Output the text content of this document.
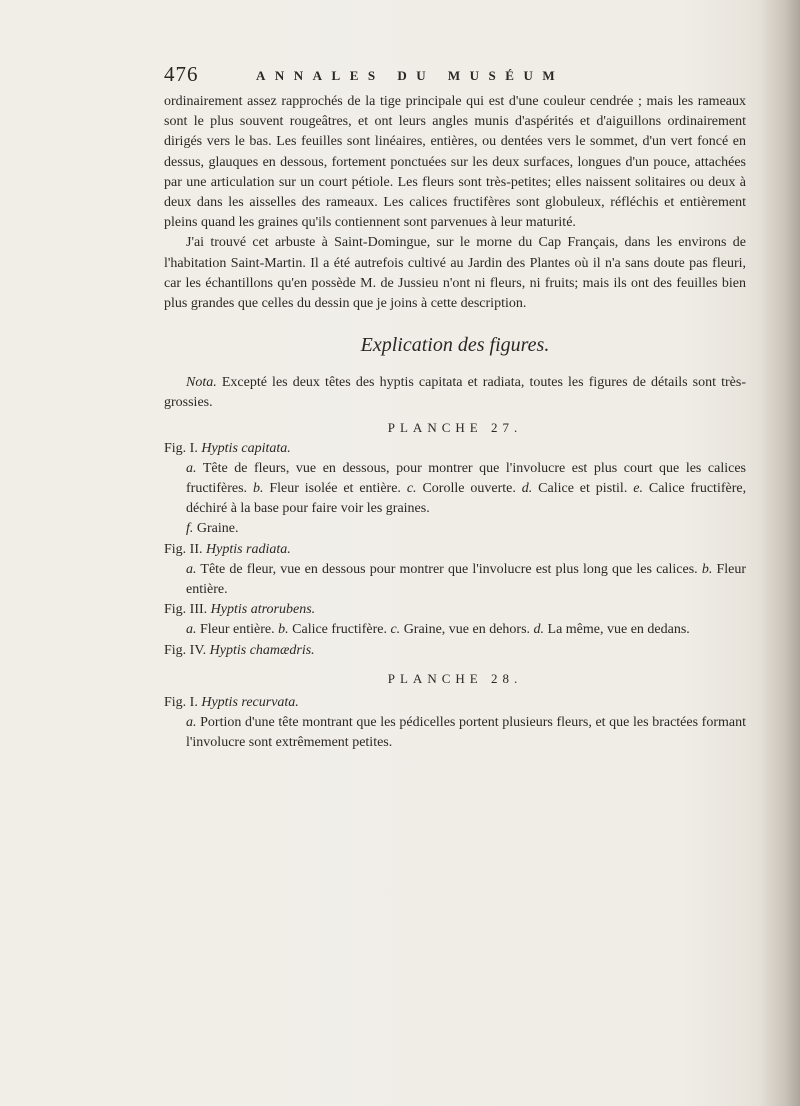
476	ANNALES DU MUSÉUM

ordinairement assez rapprochés de la tige principale qui est d'une couleur cendrée ; mais les rameaux sont le plus souvent rougeâtres, et ont leurs angles munis d'aspérités et d'aiguillons ordinairement dirigés vers le bas. Les feuilles sont linéaires, entières, ou dentées vers le sommet, d'un vert foncé en dessus, glauques en dessous, fortement ponctuées sur les deux surfaces, longues d'un pouce, attachées par une articulation sur un court pétiole. Les fleurs sont très-petites; elles naissent solitaires ou deux à deux dans les aisselles des rameaux. Les calices fructifères sont globuleux, réfléchis et entièrement pleins quand les graines qu'ils contiennent sont parvenues à leur maturité.

J'ai trouvé cet arbuste à Saint-Domingue, sur le morne du Cap Français, dans les environs de l'habitation Saint-Martin. Il a été autrefois cultivé au Jardin des Plantes où il n'a sans doute pas fleuri, car les échantillons qu'en possède M. de Jussieu n'ont ni fleurs, ni fruits; mais ils ont des feuilles bien plus grandes que celles du dessin que je joins à cette description.

Explication des figures.

Nota. Excepté les deux têtes des hyptis capitata et radiata, toutes les figures de détails sont très-grossies.

PLANCHE 27.
Fig. I. Hyptis capitata.
a. Tête de fleurs, vue en dessous, pour montrer que l'involucre est plus court que les calices fructifères. b. Fleur isolée et entière. c. Corolle ouverte. d. Calice et pistil. e. Calice fructifère, déchiré à la base pour faire voir les graines.
f. Graine.
Fig. II. Hyptis radiata.
a. Tête de fleur, vue en dessous pour montrer que l'involucre est plus long que les calices. b. Fleur entière.
Fig. III. Hyptis atrorubens.
a. Fleur entière. b. Calice fructifère. c. Graine, vue en dehors. d. La même, vue en dedans.
Fig. IV. Hyptis chamædris.
PLANCHE 28.
Fig. I. Hyptis recurvata.
a. Portion d'une tête montrant que les pédicelles portent plusieurs fleurs, et que les bractées formant l'involucre sont extrêmement petites.
